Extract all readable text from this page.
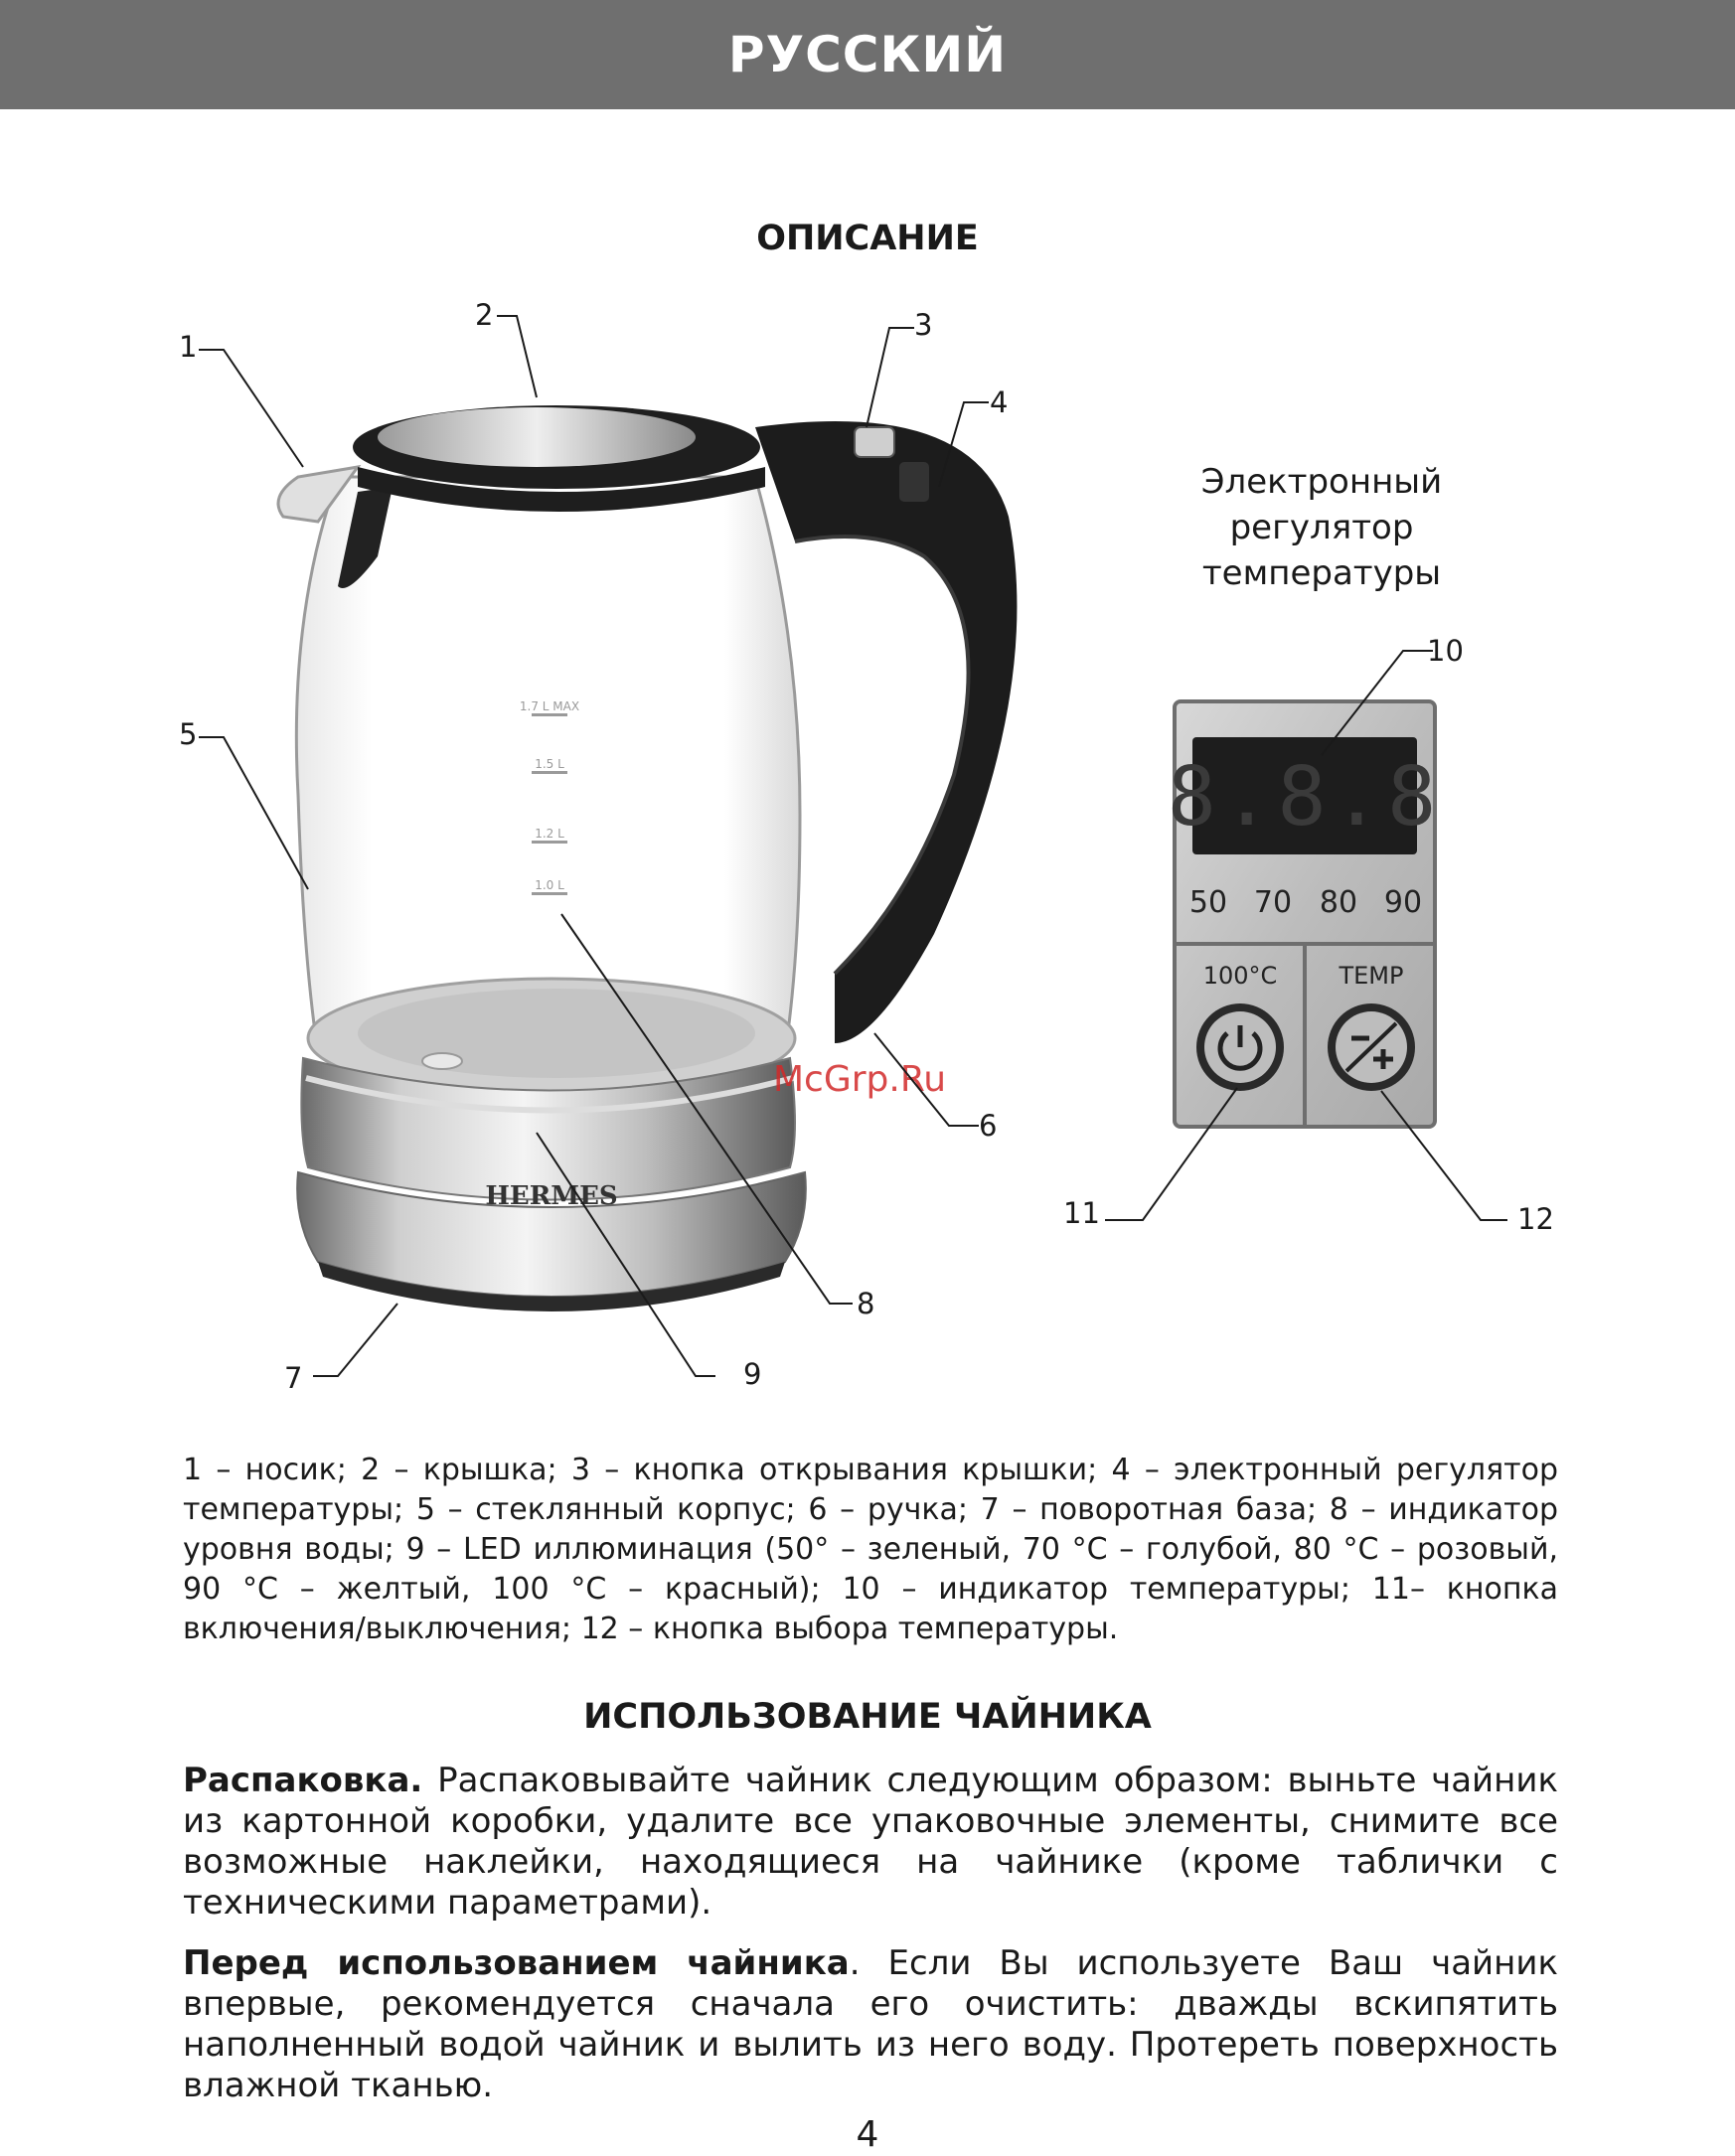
РУССКИЙ
ОПИСАНИЕ
1.7 L MAX
1.5 L
1.2 L
1.0 L
HERMES
8.8.8
50 70 80 90
100°C	TEMP
McGrp.Ru
1
2	3
4
5
6
7
8
9
10
11	12
Электронный
регулятор
температуры
1 – носик; 2 – крышка; 3 – кнопка открывания крышки; 4 – электронный регулятор температуры; 5 – стеклянный корпус; 6 – ручка; 7 – поворотная база; 8 – индикатор уровня воды; 9 – LED иллюминация (50° – зеленый, 70 °С – голубой, 80 °С – розовый, 90 °С – желтый, 100 °С – красный); 10 – индикатор температуры; 11– кнопка включения/выключения; 12 – кнопка выбора температуры.
ИСПОЛЬЗОВАНИЕ ЧАЙНИКА
Распаковка. Распаковывайте чайник следующим образом: выньте чайник из картонной коробки, удалите все упаковочные элементы, снимите все возможные наклейки, находящиеся на чайнике (кроме таблички с техническими параметрами).
Перед использованием чайника. Если Вы используете Ваш чайник впервые, рекомендуется сначала его очистить: дважды вскипятить наполненный водой чайник и вылить из него воду. Протереть поверхность влажной тканью.
4
